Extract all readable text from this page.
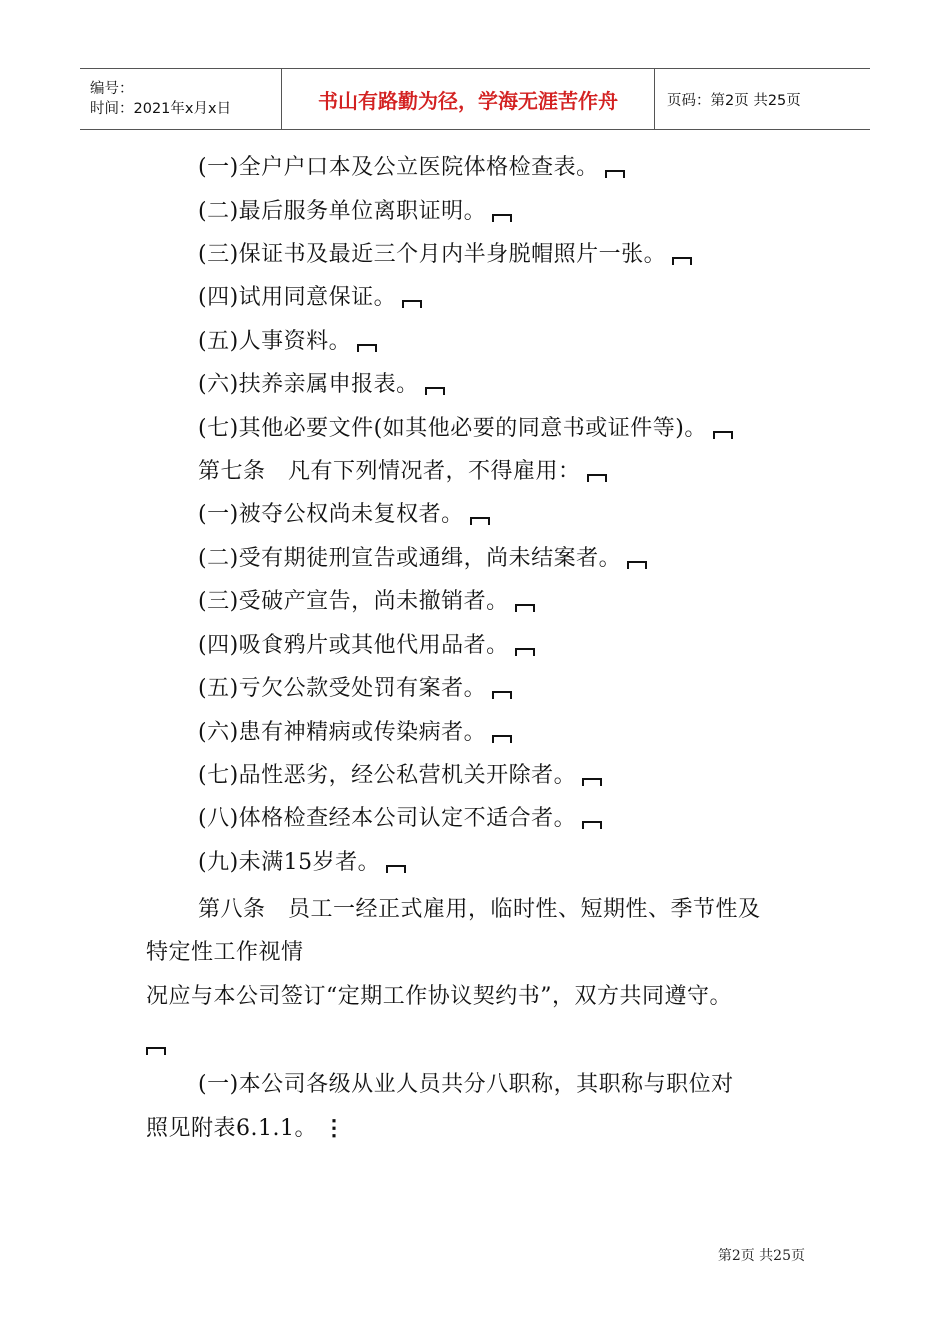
编号：
时间：2021年x月x日	书山有路勤为径，学海无涯苦作舟	页码：第2页 共25页
(一)全户户口本及公立医院体格检查表。
(二)最后服务单位离职证明。
(三)保证书及最近三个月内半身脱帽照片一张。
(四)试用同意保证。
(五)人事资料。
(六)扶养亲属申报表。
(七)其他必要文件(如其他必要的同意书或证件等)。
第七条　凡有下列情况者，不得雇用：
(一)被夺公权尚未复权者。
(二)受有期徒刑宣告或通缉，尚未结案者。
(三)受破产宣告，尚未撤销者。
(四)吸食鸦片或其他代用品者。
(五)亏欠公款受处罚有案者。
(六)患有神精病或传染病者。
(七)品性恶劣，经公私营机关开除者。
(八)体格检查经本公司认定不适合者。
(九)未满15岁者。
第八条　员工一经正式雇用，临时性、短期性、季节性及
特定性工作视情
况应与本公司签订“定期工作协议契约书”，双方共同遵守。
(一)本公司各级从业人员共分八职称，其职称与职位对
照见附表6.1.1。 ⋮
第2页 共25页
